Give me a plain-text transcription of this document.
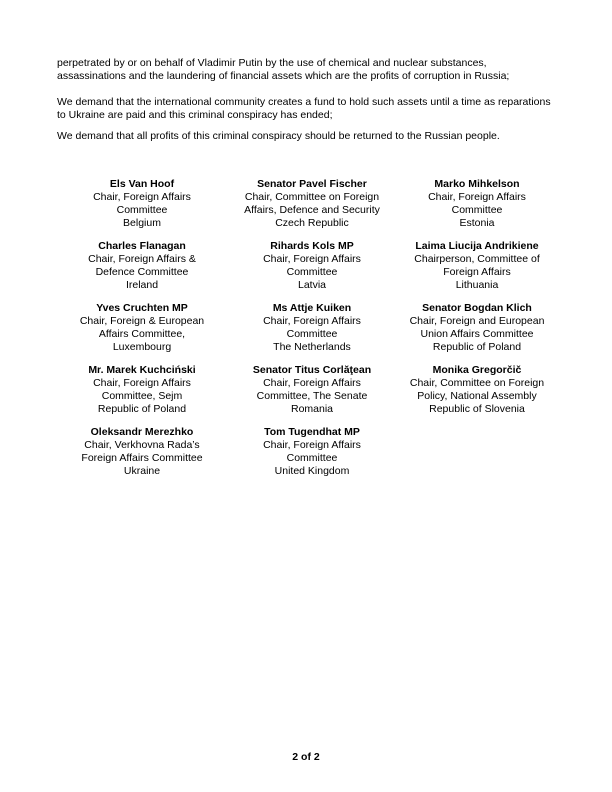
perpetrated by or on behalf of Vladimir Putin by the use of chemical and nuclear substances, assassinations and the laundering of financial assets which are the profits of corruption in Russia;

We demand that the international community creates a fund to hold such assets until a time as reparations to Ukraine are paid and this criminal conspiracy has ended;

We demand that all profits of this criminal conspiracy should be returned to the Russian people.

Els Van Hoof
Chair, Foreign Affairs
Committee
Belgium
Senator Pavel Fischer
Chair, Committee on Foreign
Affairs, Defence and Security
Czech Republic
Marko Mihkelson
Chair, Foreign Affairs
Committee
Estonia
Charles Flanagan
Chair, Foreign Affairs &
Defence Committee
Ireland
Rihards Kols MP
Chair, Foreign Affairs
Committee
Latvia
Laima Liucija Andrikiene
Chairperson, Committee of
Foreign Affairs
Lithuania
Yves Cruchten MP
Chair, Foreign & European
Affairs Committee,
Luxembourg
Ms Attje Kuiken
Chair, Foreign Affairs
Committee
The Netherlands
Senator Bogdan Klich
Chair, Foreign and European
Union Affairs Committee
Republic of Poland
Mr. Marek Kuchciński
Chair, Foreign Affairs
Committee, Sejm
Republic of Poland
Senator Titus Corlăţean
Chair, Foreign Affairs
Committee, The Senate
Romania
Monika Gregorčič
Chair, Committee on Foreign
Policy, National Assembly
Republic of Slovenia
Oleksandr Merezhko
Chair, Verkhovna Rada’s
Foreign Affairs Committee
Ukraine
Tom Tugendhat MP
Chair, Foreign Affairs
Committee
United Kingdom
2 of 2
